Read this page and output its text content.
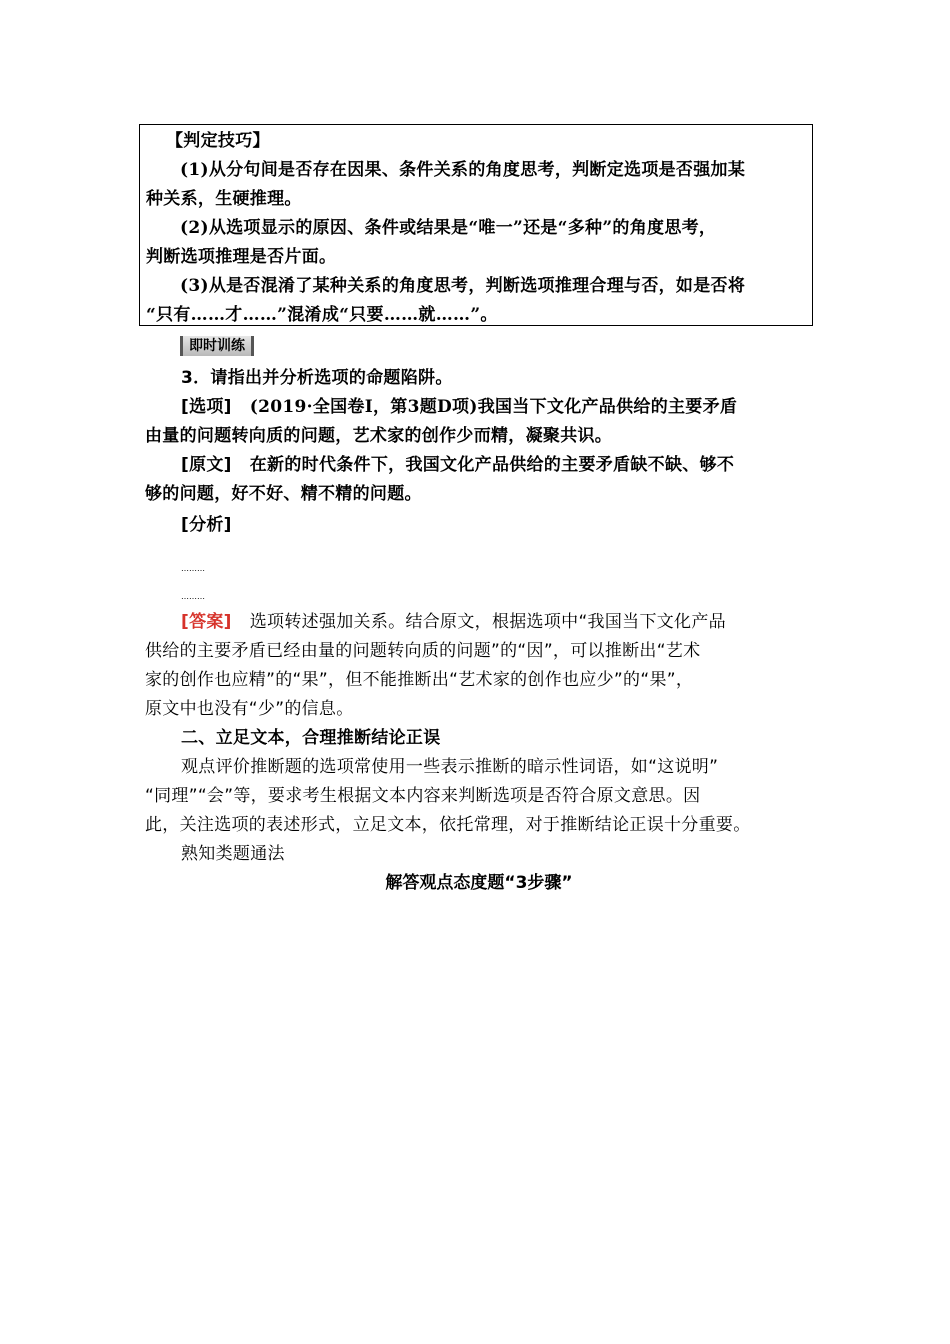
【判定技巧】

(1)从分句间是否存在因果、条件关系的角度思考，判断定选项是否强加某

种关系，生硬推理。

(2)从选项显示的原因、条件或结果是“唯一”还是“多种”的角度思考，

判断选项推理是否片面。

(3)从是否混淆了某种关系的角度思考，判断选项推理合理与否，如是否将

“只有……才……”混淆成“只要……就……”。

即时训练

3．请指出并分析选项的命题陷阱。

[选项] (2019·全国卷Ⅰ，第3题D项)我国当下文化产品供给的主要矛盾

由量的问题转向质的问题，艺术家的创作少而精，凝聚共识。

[原文] 在新的时代条件下，我国文化产品供给的主要矛盾缺不缺、够不

够的问题，好不好、精不精的问题。

[分析]

………
………

[答案] 选项转述强加关系。结合原文，根据选项中“我国当下文化产品

供给的主要矛盾已经由量的问题转向质的问题”的“因”，可以推断出“艺术

家的创作也应精”的“果”，但不能推断出“艺术家的创作也应少”的“果”，

原文中也没有“少”的信息。

二、立足文本，合理推断结论正误

观点评价推断题的选项常使用一些表示推断的暗示性词语，如“这说明”

“同理”“会”等，要求考生根据文本内容来判断选项是否符合原文意思。因

此，关注选项的表述形式，立足文本，依托常理，对于推断结论正误十分重要。

熟知类题通法

解答观点态度题“3步骤”
